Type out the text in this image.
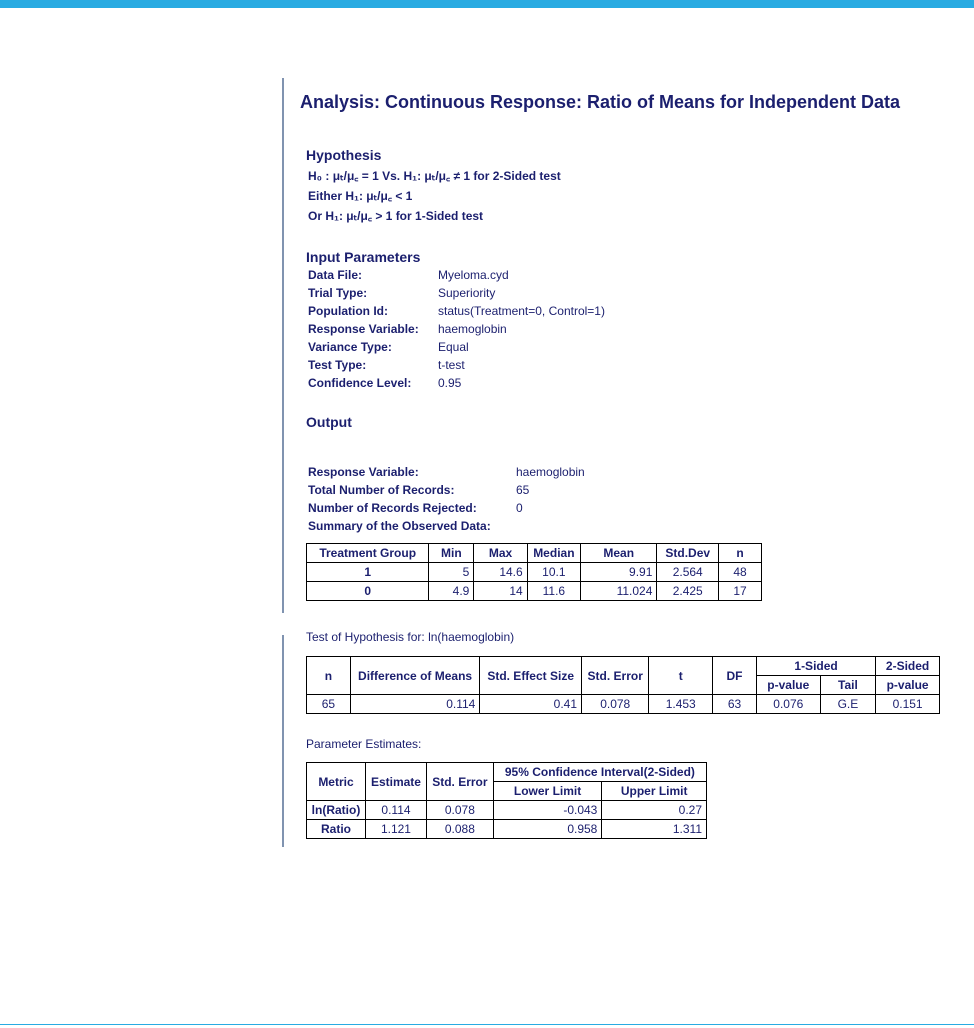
Analysis: Continuous Response: Ratio of Means for Independent Data
Hypothesis
H₀ : μₜ/μ꜀ = 1 Vs. H₁: μₜ/μ꜀ ≠ 1 for 2-Sided test
Either H₁: μₜ/μ꜀ < 1
Or H₁: μₜ/μ꜀ > 1 for 1-Sided test
Input Parameters
Data File:	Myeloma.cyd
Trial Type:	Superiority
Population Id:	status(Treatment=0, Control=1)
Response Variable: haemoglobin
Variance Type:	Equal
Test Type:	t-test
Confidence Level: 0.95
Output
Response Variable:	haemoglobin
Total Number of Records:	65
Number of Records Rejected:	0
Summary of the Observed Data:
Treatment Group	Min	Max	Median	Mean	Std.Dev	n
1	5	14.6	10.1	9.91	2.564	48
0	4.9	14	11.6	11.024	2.425	17
Test of Hypothesis for: ln(haemoglobin)
n	Difference of Means	Std. Effect Size	Std. Error	t	DF	1-Sided		2-Sided
						p-value	Tail	p-value
65	0.114	0.41	0.078	1.453	63	0.076	G.E	0.151
Parameter Estimates:
Metric	Estimate	Std. Error	95% Confidence Interval(2-Sided)	
			Lower Limit	Upper Limit
ln(Ratio)	0.114	0.078	-0.043	0.27
Ratio	1.121	0.088	0.958	1.311
